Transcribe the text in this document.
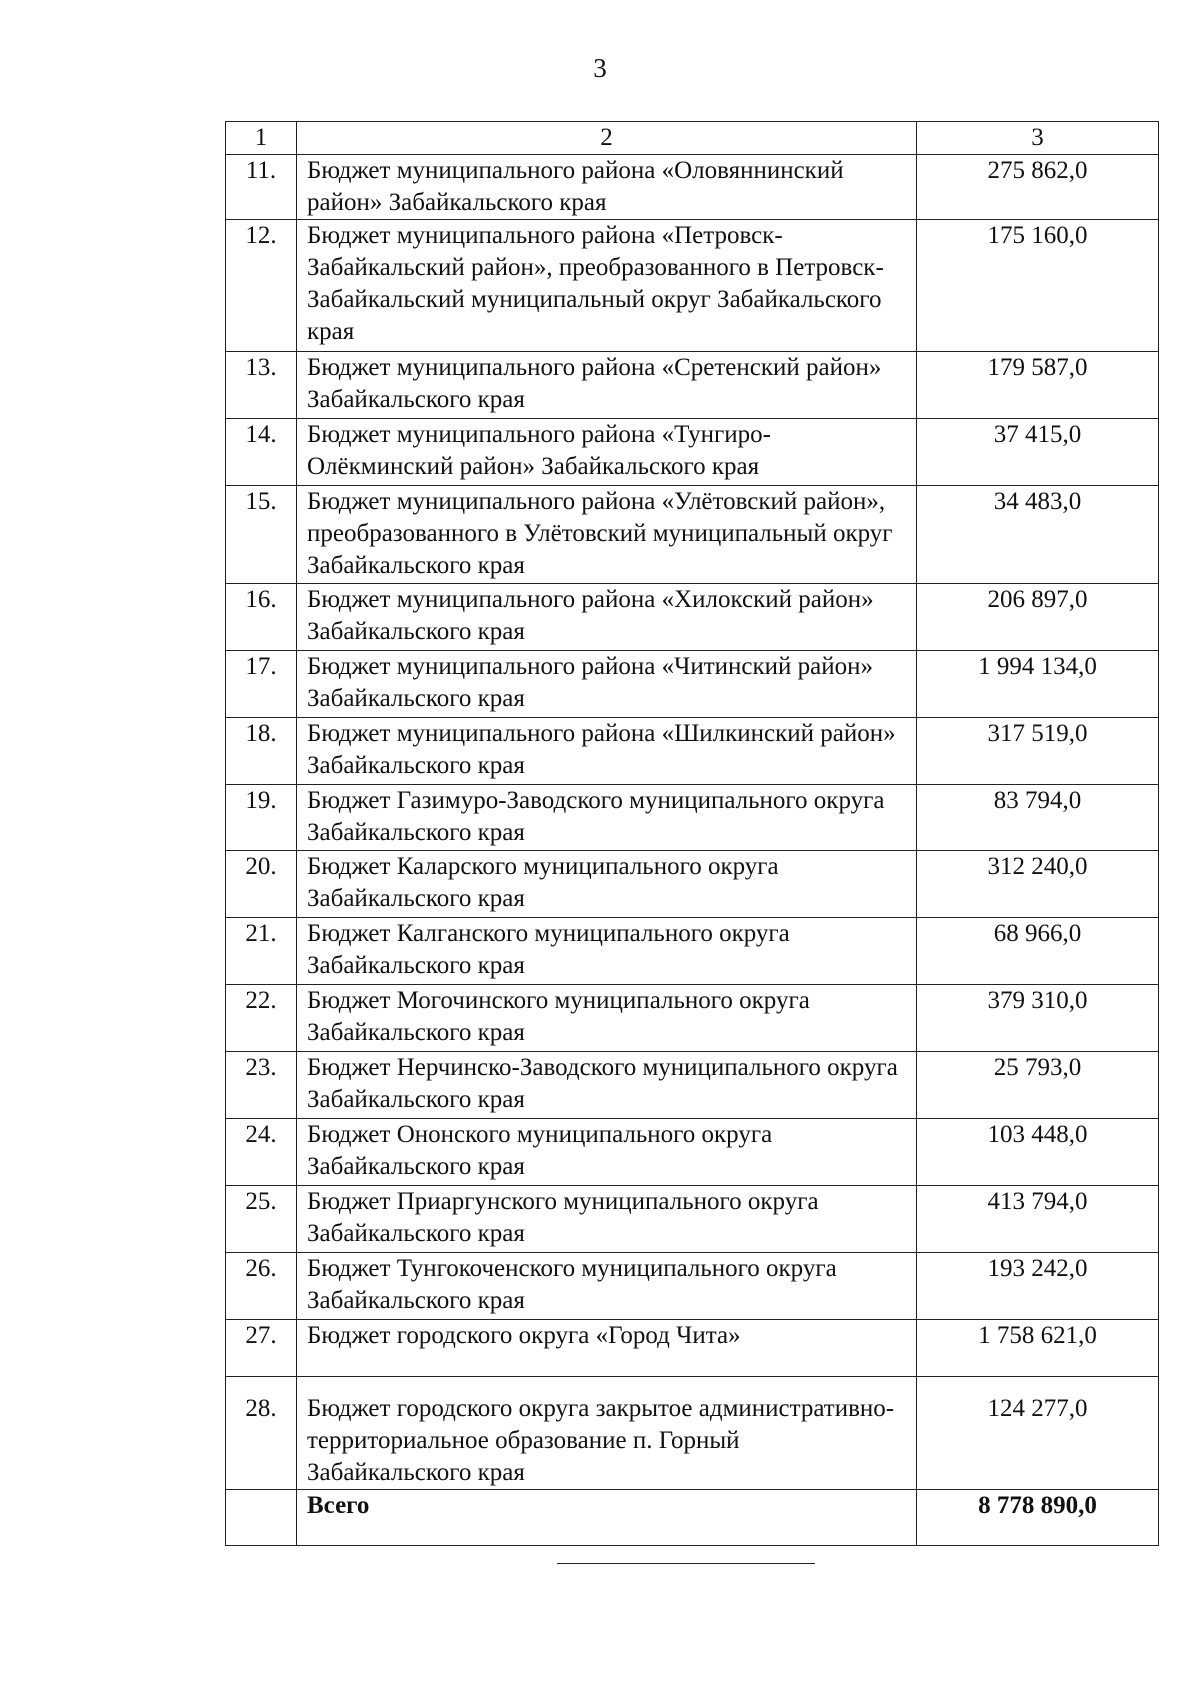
3
1	2	3
11.	Бюджет муниципального района «Оловяннинский район» Забайкальского края	275 862,0
12.	Бюджет муниципального района «Петровск-Забайкальский район», преобразованного в Петровск-Забайкальский муниципальный округ Забайкальского края	175 160,0
13.	Бюджет муниципального района «Сретенский район» Забайкальского края	179 587,0
14.	Бюджет муниципального района «Тунгиро-Олёкминский район» Забайкальского края	37 415,0
15.	Бюджет муниципального района «Улётовский район», преобразованного в Улётовский муниципальный округ Забайкальского края	34 483,0
16.	Бюджет муниципального района «Хилокский район» Забайкальского края	206 897,0
17.	Бюджет муниципального района «Читинский район» Забайкальского края	1 994 134,0
18.	Бюджет муниципального района «Шилкинский район» Забайкальского края	317 519,0
19.	Бюджет Газимуро-Заводского муниципального округа Забайкальского края	83 794,0
20.	Бюджет Каларского муниципального округа Забайкальского края	312 240,0
21.	Бюджет Калганского муниципального округа Забайкальского края	68 966,0
22.	Бюджет Могочинского муниципального округа Забайкальского края	379 310,0
23.	Бюджет Нерчинско-Заводского муниципального округа Забайкальского края	25 793,0
24.	Бюджет Ононского муниципального округа Забайкальского края	103 448,0
25.	Бюджет Приаргунского муниципального округа Забайкальского края	413 794,0
26.	Бюджет Тунгокоченского муниципального округа Забайкальского края	193 242,0
27.	Бюджет городского округа «Город Чита»	1 758 621,0
28.	Бюджет городского округа закрытое административно-территориальное образование п. Горный Забайкальского края	124 277,0
	Всего	8 778 890,0
